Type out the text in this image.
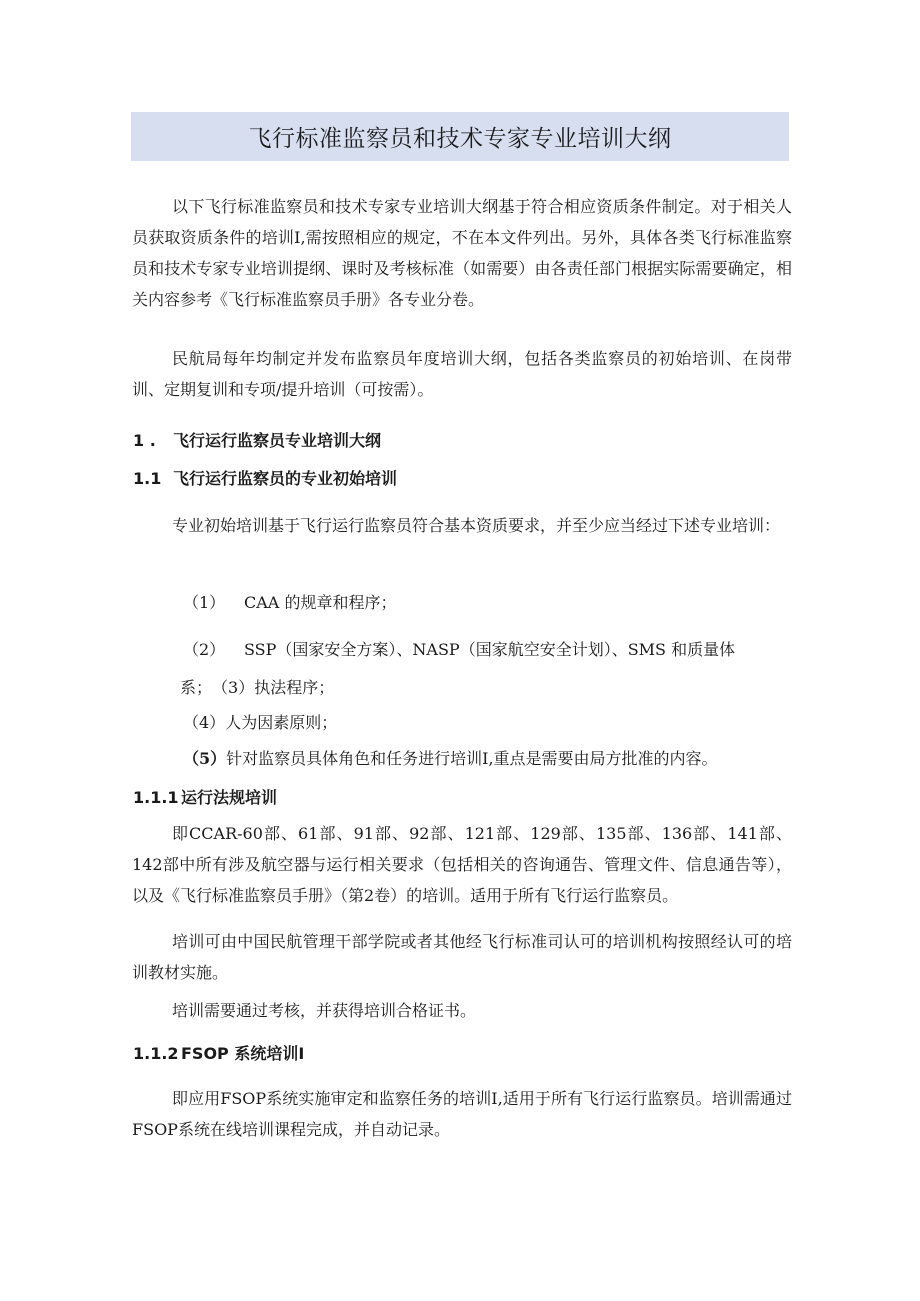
飞行标准监察员和技术专家专业培训大纲

以下飞行标准监察员和技术专家专业培训大纲基于符合相应资质条件制定。对于相关人员获取资质条件的培训I,需按照相应的规定，不在本文件列出。另外，具体各类飞行标准监察员和技术专家专业培训提纲、课时及考核标准（如需要）由各责任部门根据实际需要确定，相关内容参考《飞行标准监察员手册》各专业分卷。

民航局每年均制定并发布监察员年度培训大纲，包括各类监察员的初始培训、在岗带训、定期复训和专项/提升培训（可按需）。

1 . 飞行运行监察员专业培训大纲
1.1 飞行运行监察员的专业初始培训

专业初始培训基于飞行运行监察员符合基本资质要求，并至少应当经过下述专业培训：

（1） CAA 的规章和程序；
（2） SSP（国家安全方案）、NASP（国家航空安全计划）、SMS 和质量体
系；（3）执法程序；
（4）人为因素原则；
（5）针对监察员具体角色和任务进行培训I,重点是需要由局方批准的内容。
1.1.1 运行法规培训

即CCAR-60部、61部、91部、92部、121部、129部、135部、136部、141部、142部中所有涉及航空器与运行相关要求（包括相关的咨询通告、管理文件、信息通告等），以及《飞行标准监察员手册》（第2卷）的培训。适用于所有飞行运行监察员。

培训可由中国民航管理干部学院或者其他经飞行标准司认可的培训机构按照经认可的培训教材实施。

培训需要通过考核，并获得培训合格证书。

1.1.2 FSOP 系统培训I

即应用FSOP系统实施审定和监察任务的培训I,适用于所有飞行运行监察员。培训需通过FSOP系统在线培训课程完成，并自动记录。
